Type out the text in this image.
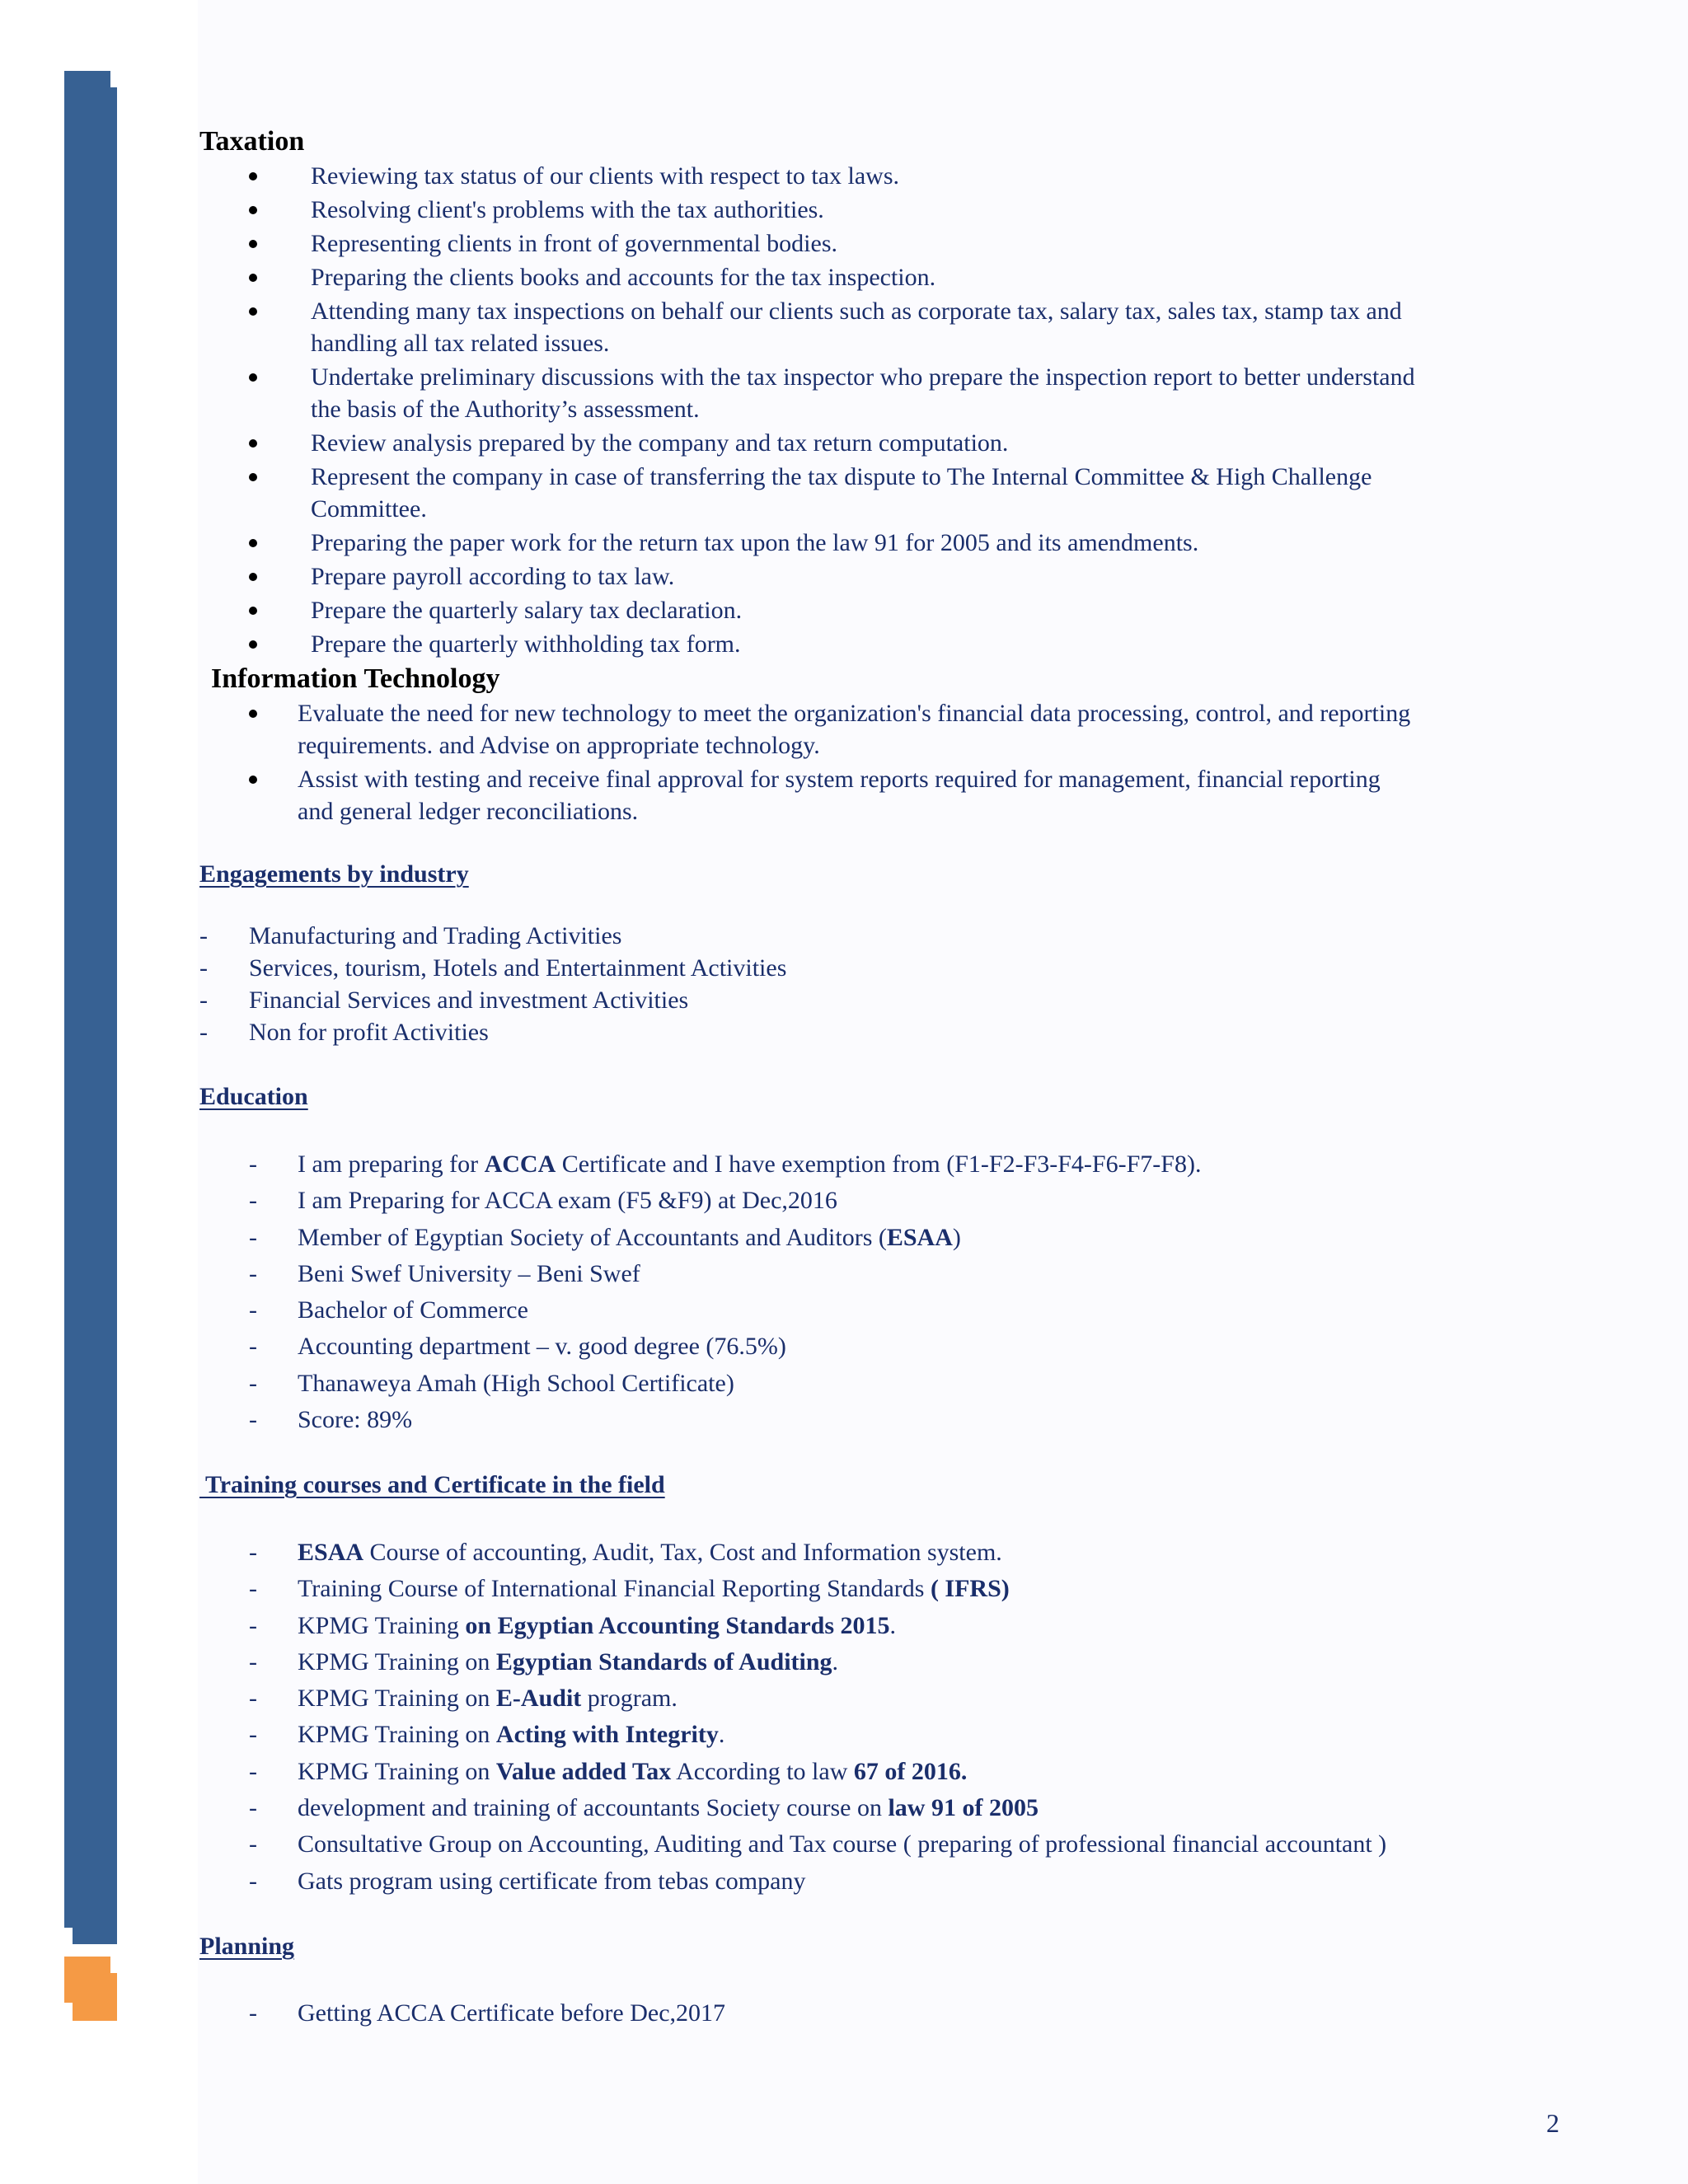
Taxation
Reviewing tax status of our clients with respect to tax laws.
Resolving client's problems with the tax authorities.
Representing clients in front of governmental bodies.
Preparing the clients books and accounts for the tax inspection.
Attending many tax inspections on behalf our clients such as corporate tax, salary tax, sales tax, stamp tax and
handling all tax related issues.
Undertake preliminary discussions with the tax inspector who prepare the inspection report to better understand
the basis of the Authority’s assessment.
Review analysis prepared by the company and tax return computation.
Represent the company in case of transferring the tax dispute to The Internal Committee & High Challenge
Committee.
Preparing the paper work for the return tax upon the law 91 for 2005 and its amendments.
Prepare payroll according to tax law.
Prepare the quarterly salary tax declaration.
Prepare the quarterly withholding tax form.
Information Technology
Evaluate the need for new technology to meet the organization's financial data processing, control, and reporting
requirements. and Advise on appropriate technology.
Assist with testing and receive final approval for system reports required for management, financial reporting
and general ledger reconciliations.
Engagements by industry
- Manufacturing and Trading Activities
- Services, tourism, Hotels and Entertainment Activities
- Financial Services and investment Activities
- Non for profit Activities
Education
- I am preparing for ACCA Certificate and I have exemption from (F1-F2-F3-F4-F6-F7-F8).
- I am Preparing for ACCA exam (F5 &F9) at Dec,2016
- Member of Egyptian Society of Accountants and Auditors (ESAA)
- Beni Swef University – Beni Swef
- Bachelor of Commerce
- Accounting department – v. good degree (76.5%)
- Thanaweya Amah (High School Certificate)
- Score: 89%
Training courses and Certificate in the field
- ESAA Course of accounting, Audit, Tax, Cost and Information system.
- Training Course of International Financial Reporting Standards ( IFRS)
- KPMG Training on Egyptian Accounting Standards 2015.
- KPMG Training on Egyptian Standards of Auditing.
- KPMG Training on E-Audit program.
- KPMG Training on Acting with Integrity.
- KPMG Training on Value added Tax According to law 67 of 2016.
- development and training of accountants Society course on law 91 of 2005
- Consultative Group on Accounting, Auditing and Tax course ( preparing of professional financial accountant )
- Gats program using certificate from tebas company
Planning
- Getting ACCA Certificate before Dec,2017
2
